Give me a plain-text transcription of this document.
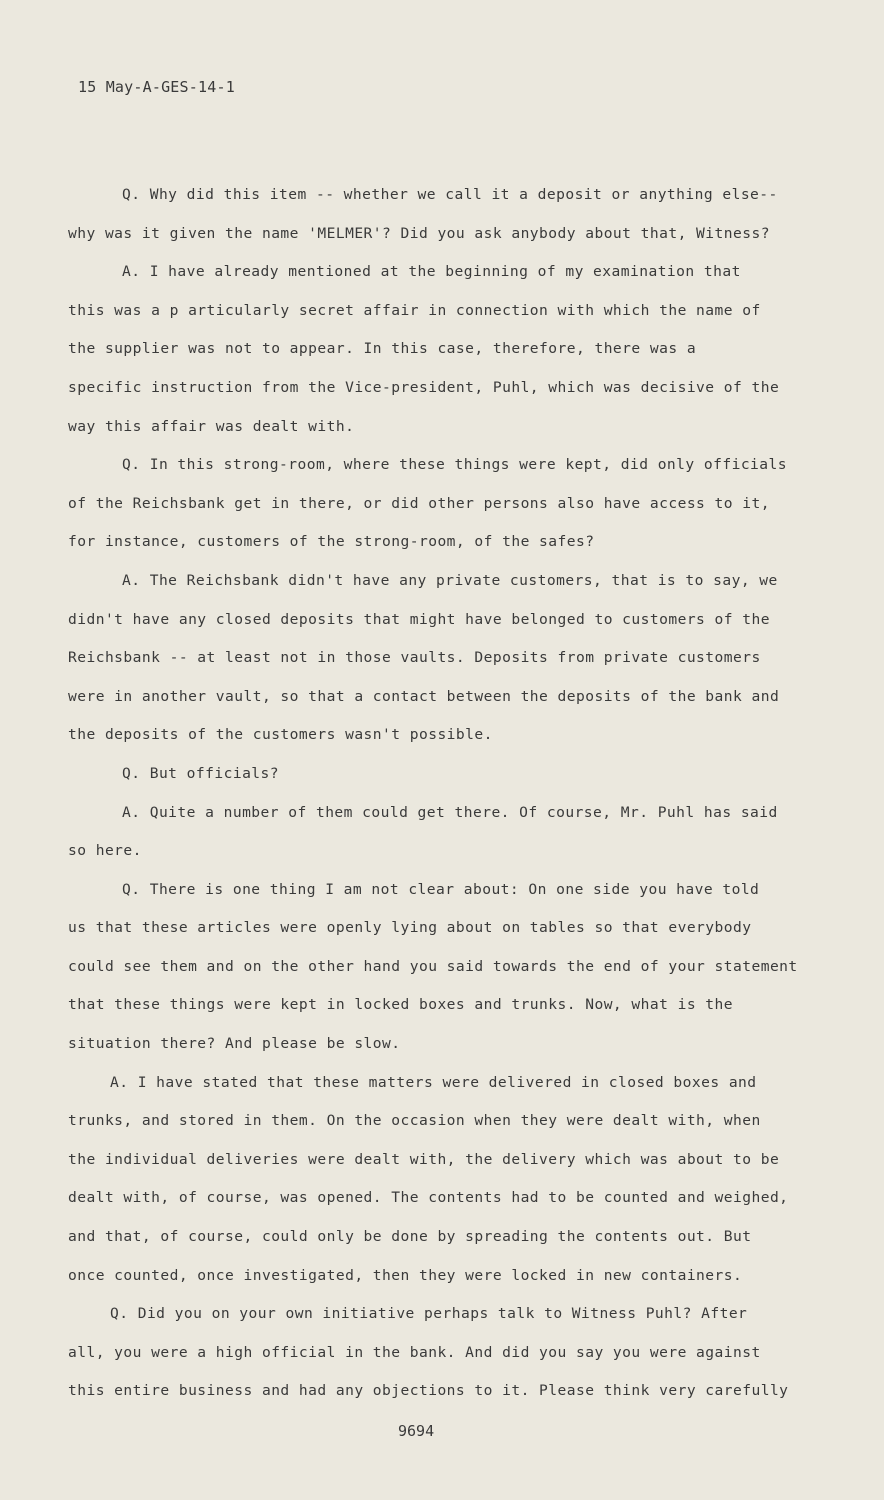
15 May-A-GES-14-1
Q. Why did this item -- whether we call it a deposit or anything else--
why was it given the name 'MELMER'? Did you ask anybody about that, Witness?
A. I have already mentioned at the beginning of my examination that
this was a p articularly secret affair in connection with which the name of
the supplier was not to appear. In this case, therefore, there was a
specific instruction from the Vice-president, Puhl, which was decisive of the
way this affair was dealt with.
Q. In this strong-room, where these things were kept, did only officials
of the Reichsbank get in there, or did other persons also have access to it,
for instance, customers of the strong-room, of the safes?
A. The Reichsbank didn't have any private customers, that is to say, we
didn't have any closed deposits that might have belonged to customers of the
Reichsbank -- at least not in those vaults. Deposits from private customers
were in another vault, so that a contact between the deposits of the bank and
the deposits of the customers wasn't possible.
Q. But officials?
A. Quite a number of them could get there. Of course, Mr. Puhl has said
so here.
Q. There is one thing I am not clear about: On one side you have told
us that these articles were openly lying about on tables so that everybody
could see them and on the other hand you said towards the end of your statement
that these things were kept in locked boxes and trunks. Now, what is the
situation there? And please be slow.
A. I have stated that these matters were delivered in closed boxes and
trunks, and stored in them. On the occasion when they were dealt with, when
the individual deliveries were dealt with, the delivery which was about to be
dealt with, of course, was opened. The contents had to be counted and weighed,
and that, of course, could only be done by spreading the contents out. But
once counted, once investigated, then they were locked in new containers.
Q. Did you on your own initiative perhaps talk to Witness Puhl? After
all, you were a high official in the bank. And did you say you were against
this entire business and had any objections to it. Please think very carefully
9694
